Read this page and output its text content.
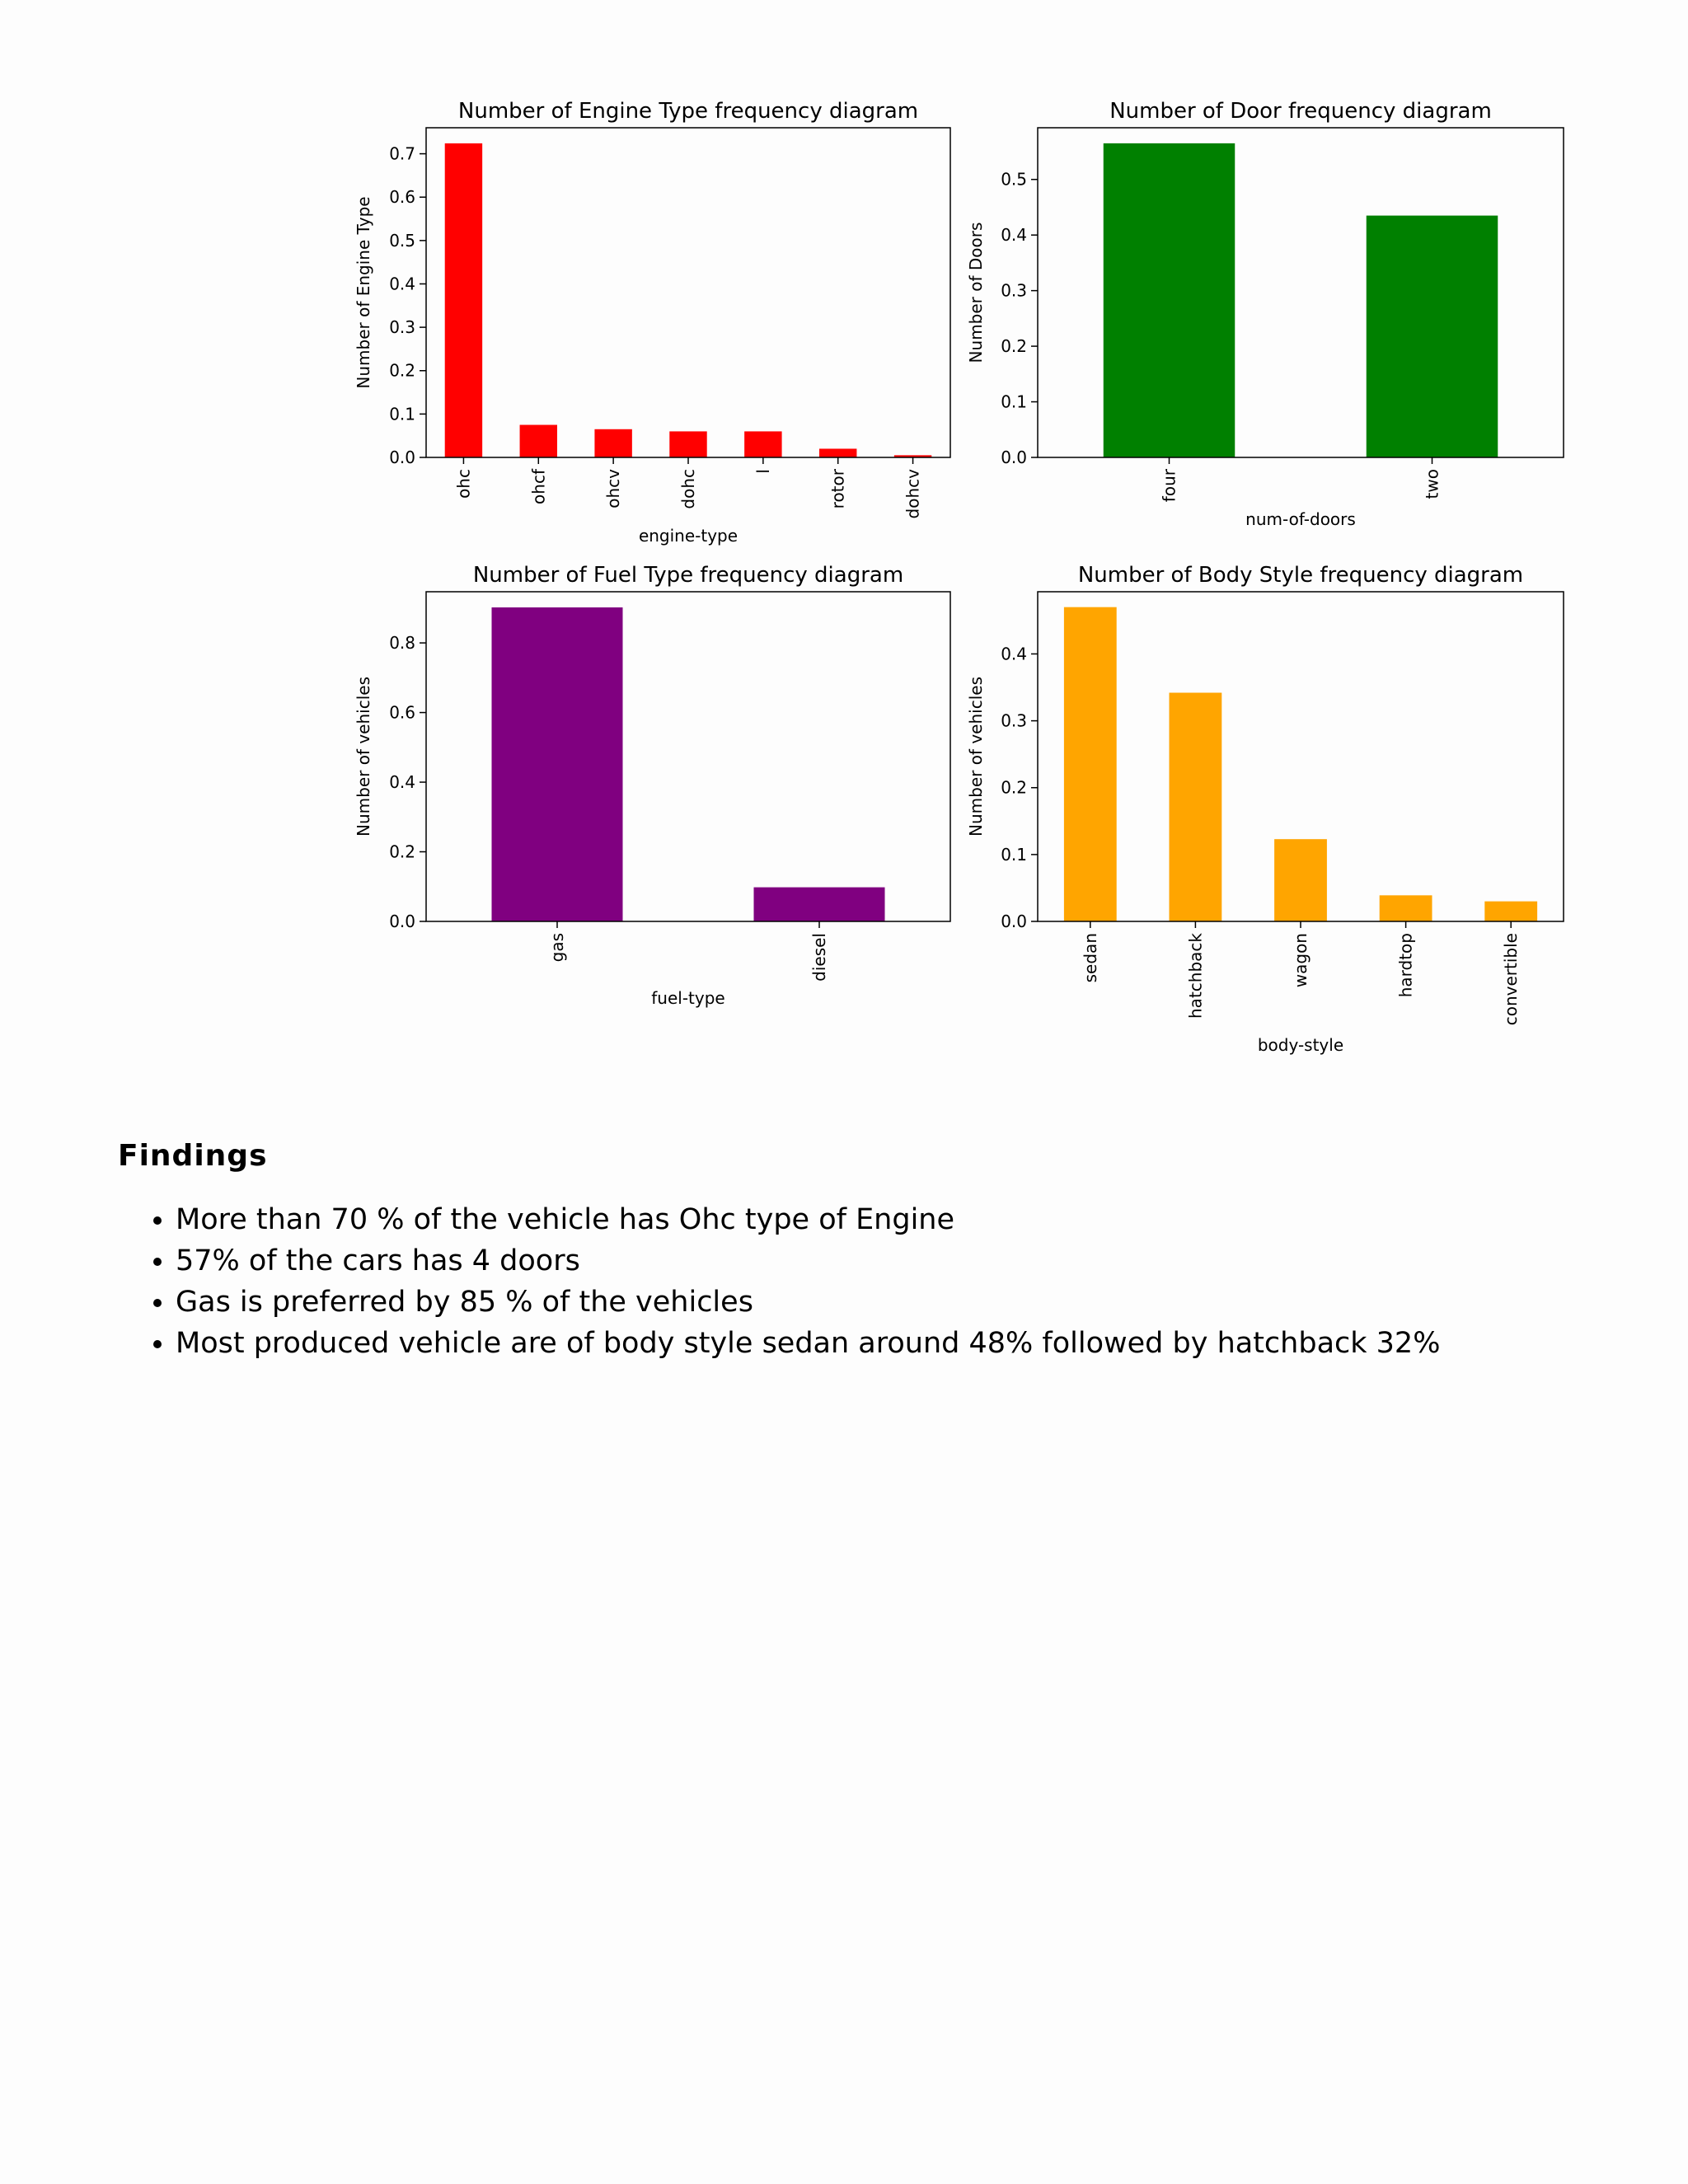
Number of Engine Type frequency diagram
0.0
0.1
0.2
0.3
0.4
0.5
0.6
0.7
ohc	ohcf	ohcv	dohc	l	rotor	dohcv
engine-type
Number of Engine Type
Number of Door frequency diagram
0.0
0.1
0.2
0.3
0.4
0.5
four	two
num-of-doors
Number of Doors
Number of Fuel Type frequency diagram
0.0
0.2
0.4
0.6
0.8
gas	diesel
fuel-type
Number of vehicles
Number of Body Style frequency diagram
0.0
0.1
0.2
0.3
0.4
sedan	hatchback	wagon	hardtop	convertible
body-style
Number of vehicles
Findings
• More than 70 % of the vehicle has Ohc type of Engine
• 57% of the cars has 4 doors
• Gas is preferred by 85 % of the vehicles
• Most produced vehicle are of body style sedan around 48% followed by hatchback 32%
